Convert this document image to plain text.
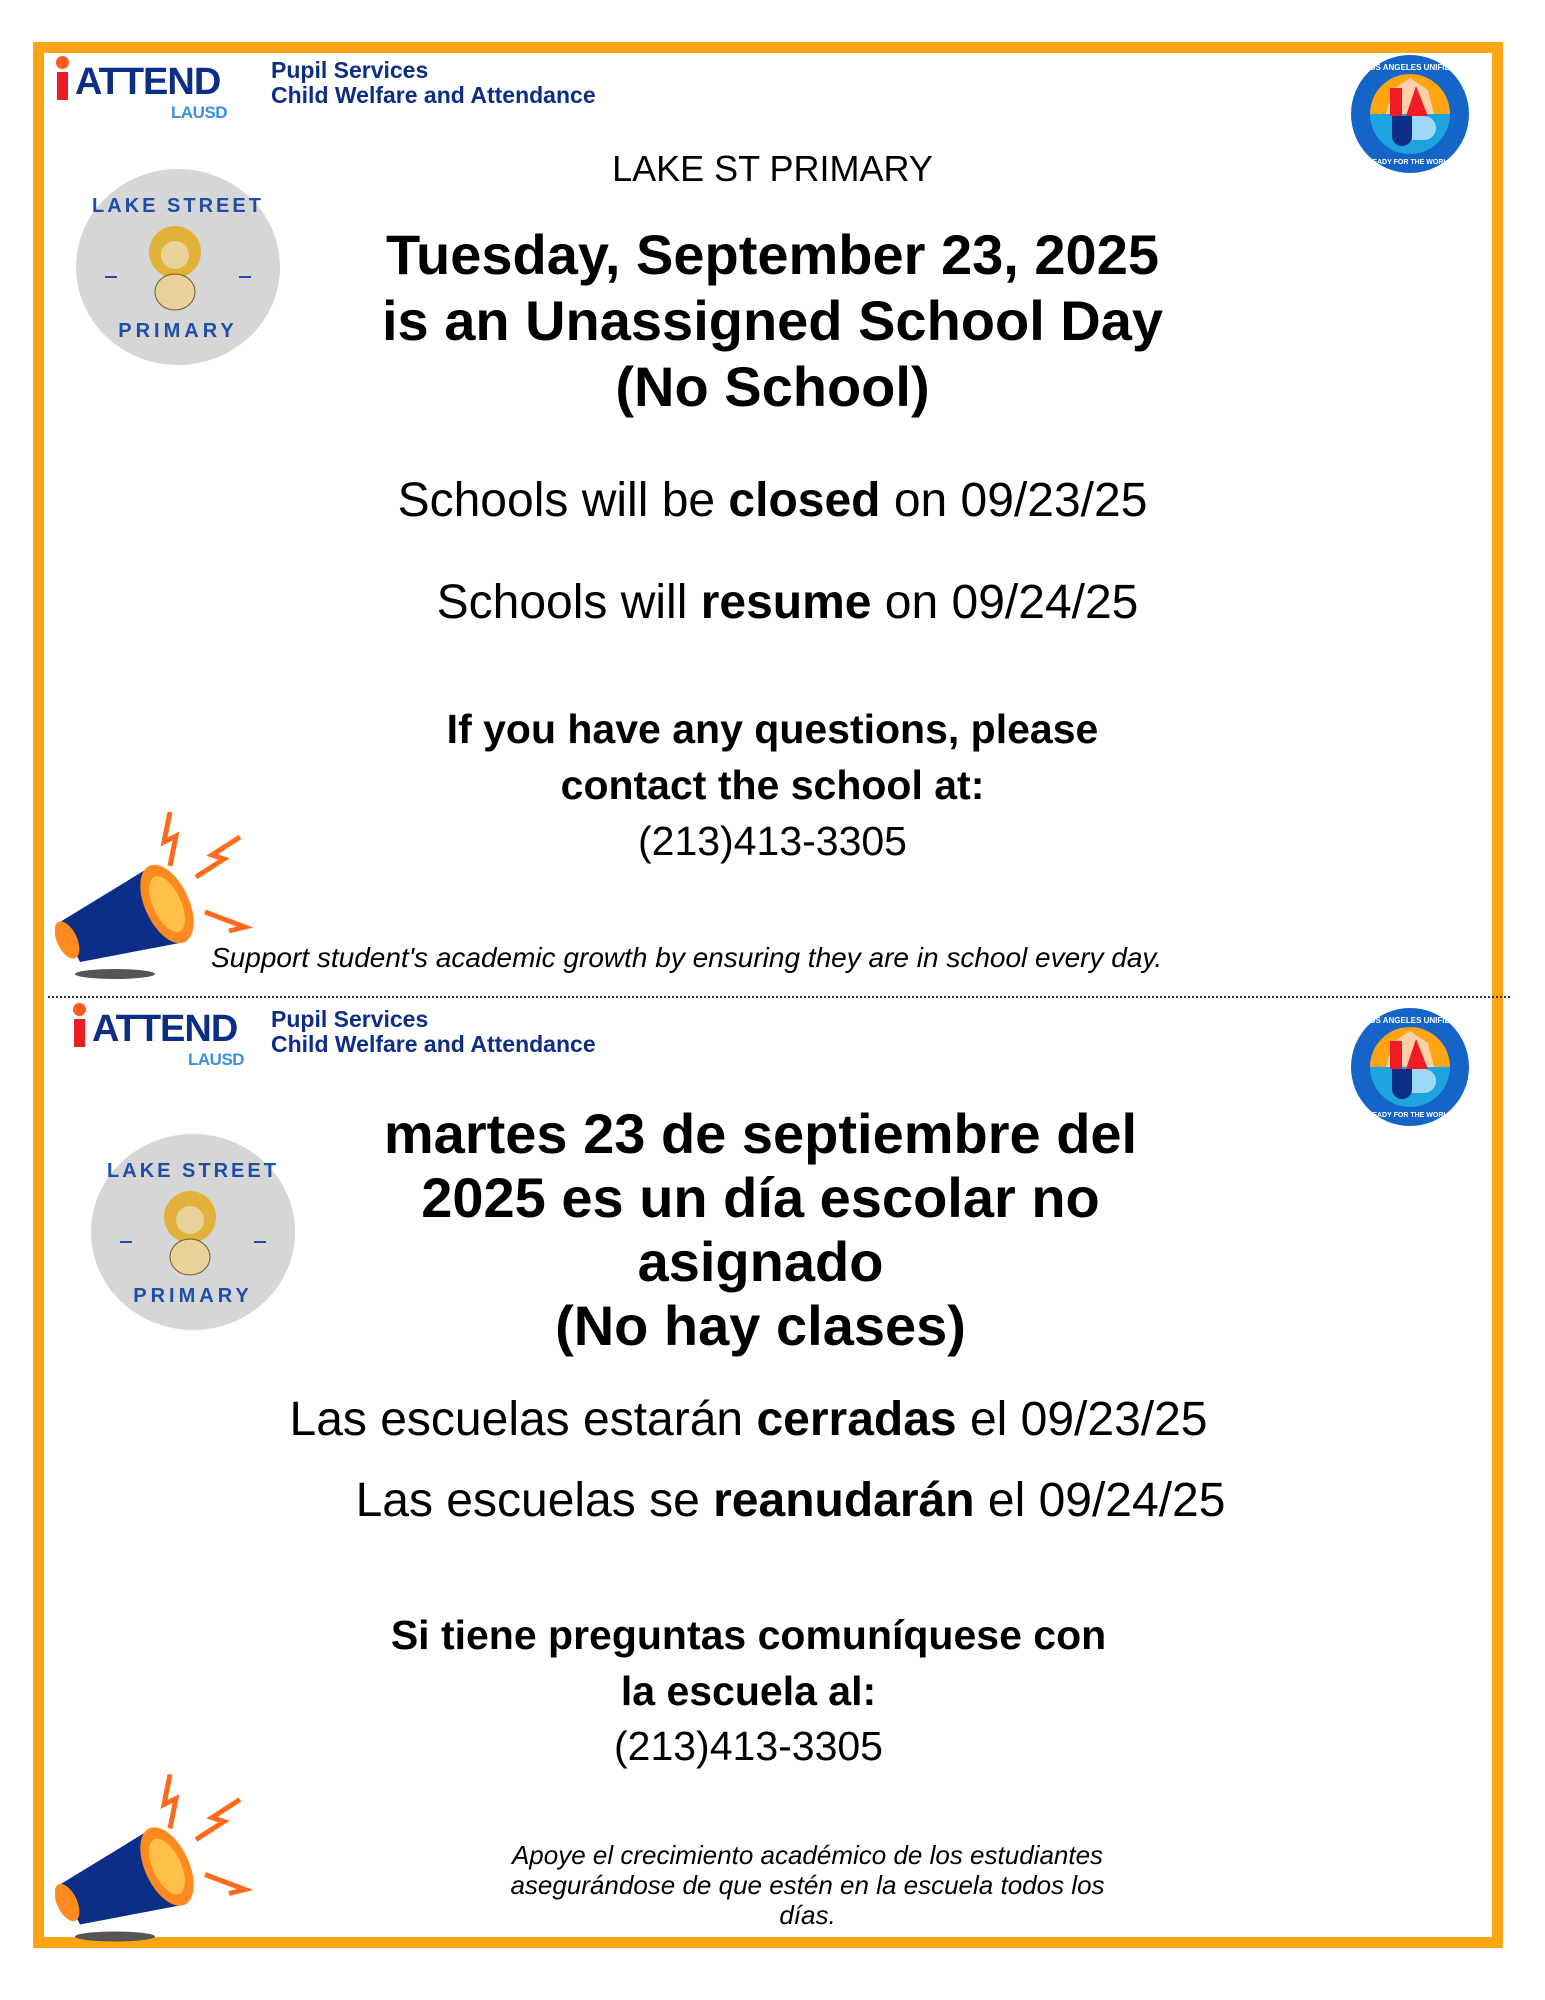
ATTEND
LAUSD
Pupil Services
Child Welfare and Attendance
LOS ANGELES UNIFIED
READY FOR THE WORLD
LAKE STREET
PRIMARY
LAKE ST PRIMARY
Tuesday, September 23, 2025
is an Unassigned School Day
(No School)
Schools will be closed on 09/23/25
Schools will resume on 09/24/25
If you have any questions, please
contact the school at:
(213)413-3305
Support student's academic growth by ensuring they are in school every day.
ATTEND
LAUSD
Pupil Services
Child Welfare and Attendance
LOS ANGELES UNIFIED
READY FOR THE WORLD
LAKE STREET
PRIMARY
martes 23 de septiembre del
2025 es un día escolar no
asignado
(No hay clases)
Las escuelas estarán cerradas el 09/23/25
Las escuelas se reanudarán el 09/24/25
Si tiene preguntas comuníquese con
la escuela al:
(213)413-3305
Apoye el crecimiento académico de los estudiantes
asegurándose de que estén en la escuela todos los
días.
